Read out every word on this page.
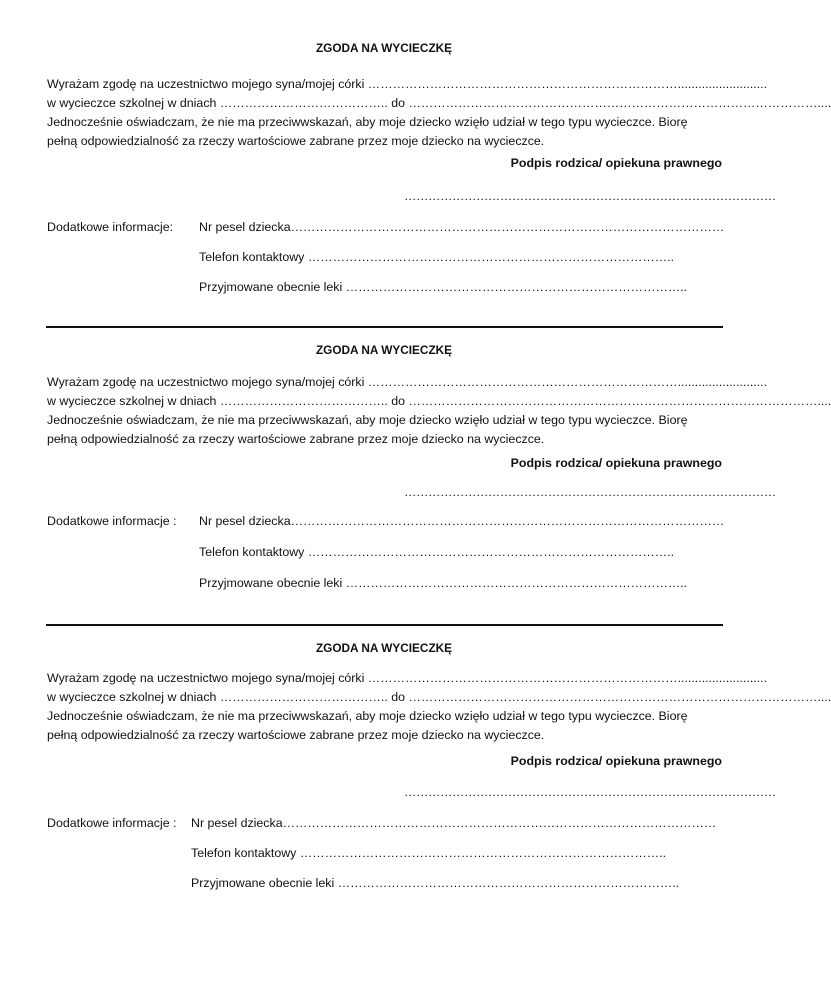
ZGODA NA WYCIECZKĘ
Wyrażam zgodę na uczestnictwo mojego syna/mojej córki …………………………………………………………………..........................
w wycieczce szkolnej w dniach ………………………………….. do ………………………………………………………………………………………....
Jednocześnie oświadczam, że nie ma przeciwwskazań, aby moje dziecko wzięło udział w tego typu wycieczce. Biorę
pełną odpowiedzialność za rzeczy wartościowe zabrane przez moje dziecko na wycieczce.
Podpis rodzica/ opiekuna prawnego
…………………………………………………………………………………
Dodatkowe informacje: Nr pesel dziecka……………………………………………………………………………………………
Telefon kontaktowy ……………………………………………………………………………..
Przyjmowane obecnie leki ………………………………………………………………………..
ZGODA NA WYCIECZKĘ
Wyrażam zgodę na uczestnictwo mojego syna/mojej córki …………………………………………………………………..........................
w wycieczce szkolnej w dniach ………………………………….. do ………………………………………………………………………………………....
Jednocześnie oświadczam, że nie ma przeciwwskazań, aby moje dziecko wzięło udział w tego typu wycieczce. Biorę
pełną odpowiedzialność za rzeczy wartościowe zabrane przez moje dziecko na wycieczce.
Podpis rodzica/ opiekuna prawnego
…………………………………………………………………………………
Dodatkowe informacje : Nr pesel dziecka……………………………………………………………………………………………
Telefon kontaktowy ……………………………………………………………………………..
Przyjmowane obecnie leki ………………………………………………………………………..
ZGODA NA WYCIECZKĘ
Wyrażam zgodę na uczestnictwo mojego syna/mojej córki …………………………………………………………………..........................
w wycieczce szkolnej w dniach ………………………………….. do ………………………………………………………………………………………....
Jednocześnie oświadczam, że nie ma przeciwwskazań, aby moje dziecko wzięło udział w tego typu wycieczce. Biorę
pełną odpowiedzialność za rzeczy wartościowe zabrane przez moje dziecko na wycieczce.
Podpis rodzica/ opiekuna prawnego
…………………………………………………………………………………
Dodatkowe informacje : Nr pesel dziecka……………………………………………………………………………………………
Telefon kontaktowy ……………………………………………………………………………..
Przyjmowane obecnie leki ………………………………………………………………………..
